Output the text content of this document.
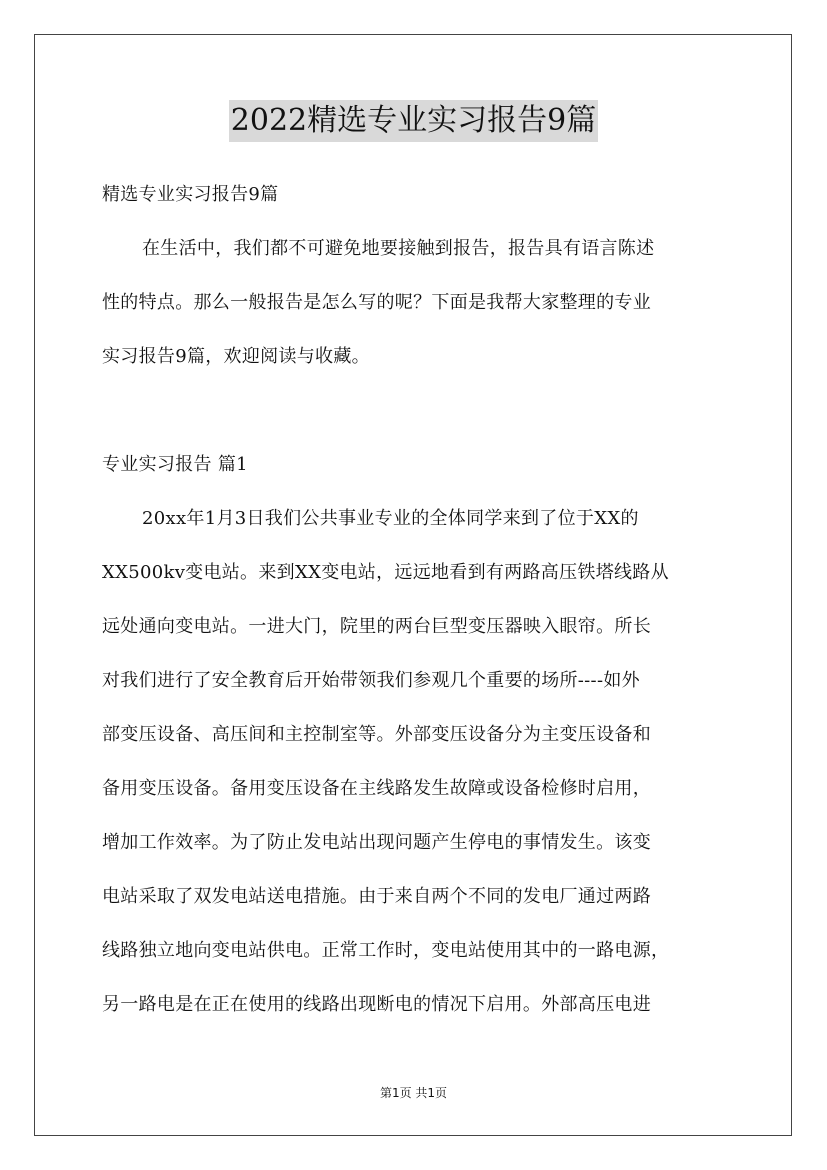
2022精选专业实习报告9篇
精选专业实习报告9篇
在生活中，我们都不可避免地要接触到报告，报告具有语言陈述
性的特点。那么一般报告是怎么写的呢？下面是我帮大家整理的专业
实习报告9篇，欢迎阅读与收藏。
专业实习报告 篇1
20xx年1月3日我们公共事业专业的全体同学来到了位于XX的
XX500kv变电站。来到XX变电站，远远地看到有两路高压铁塔线路从
远处通向变电站。一进大门，院里的两台巨型变压器映入眼帘。所长
对我们进行了安全教育后开始带领我们参观几个重要的场所----如外
部变压设备、高压间和主控制室等。外部变压设备分为主变压设备和
备用变压设备。备用变压设备在主线路发生故障或设备检修时启用，
增加工作效率。为了防止发电站出现问题产生停电的事情发生。该变
电站采取了双发电站送电措施。由于来自两个不同的发电厂通过两路
线路独立地向变电站供电。正常工作时，变电站使用其中的一路电源，
另一路电是在正在使用的线路出现断电的情况下启用。外部高压电进
第1页 共1页
